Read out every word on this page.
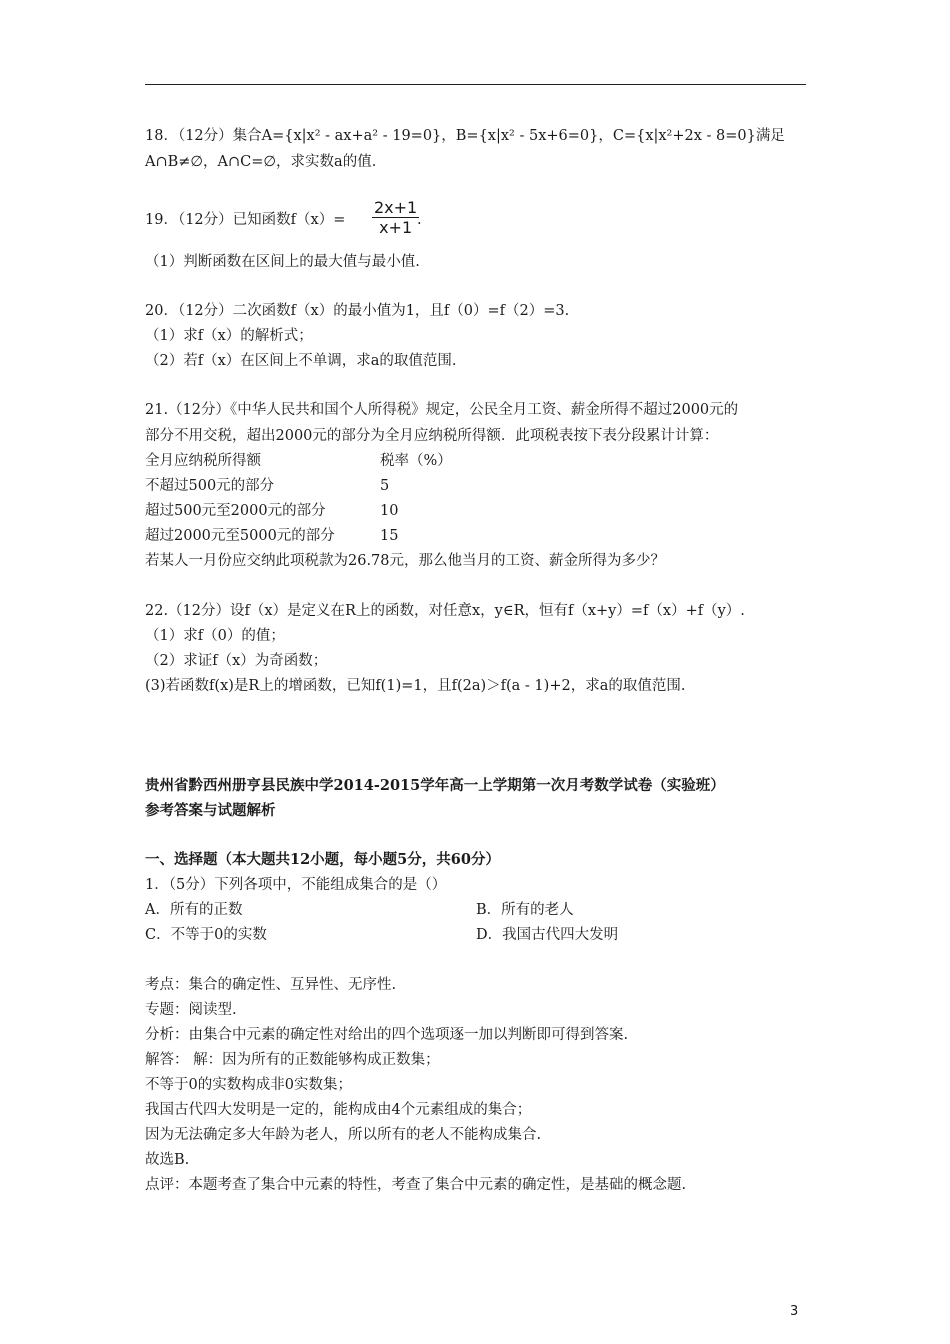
18．（12分）集合A={x|x² - ax+a² - 19=0}，B={x|x² - 5x+6=0}，C={x|x²+2x - 8=0}满足
A∩B≠∅，A∩C=∅，求实数a的值.
19．（12分）已知函数$f(x)= \frac{2x+1}{x+1}$
.
（1）判断函数在区间上的最大值与最小值.
20．（12分）二次函数f（x）的最小值为1，且f（0）=f（2）=3.
（1）求f（x）的解析式；
（2）若f（x）在区间上不单调，求a的取值范围.
21.（12分）《中华人民共和国个人所得税》规定，公民全月工资、薪金所得不超过2000元的
部分不用交税，超出2000元的部分为全月应纳税所得额．此项税表按下表分段累计计算：
全月应纳税所得额	税率（%）
不超过500元的部分	5
超过500元至2000元的部分	10
超过2000元至5000元的部分	15
若某人一月份应交纳此项税款为26.78元，那么他当月的工资、薪金所得为多少？
22.（12分）设f（x）是定义在R上的函数，对任意x，y∈R，恒有f（x+y）=f（x）+f（y）.
（1）求f（0）的值；
（2）求证f（x）为奇函数；
(3)若函数f(x)是R上的增函数，已知f(1)=1，且f(2a)＞f(a - 1)+2，求a的取值范围.
贵州省黔西州册亨县民族中学2014-2015学年高一上学期第一次月考数学试卷（实验班）
参考答案与试题解析
一、选择题（本大题共12小题，每小题5分，共60分）
1．（5分）下列各项中，不能组成集合的是（）
A．所有的正数	B．所有的老人
C．不等于0的实数	D．我国古代四大发明
考点：集合的确定性、互异性、无序性.
专题：阅读型.
分析：由集合中元素的确定性对给出的四个选项逐一加以判断即可得到答案.
解答： 解：因为所有的正数能够构成正数集；
不等于0的实数构成非0实数集；
我国古代四大发明是一定的，能构成由4个元素组成的集合；
因为无法确定多大年龄为老人，所以所有的老人不能构成集合.
故选B.
点评：本题考查了集合中元素的特性，考查了集合中元素的确定性，是基础的概念题.
3
